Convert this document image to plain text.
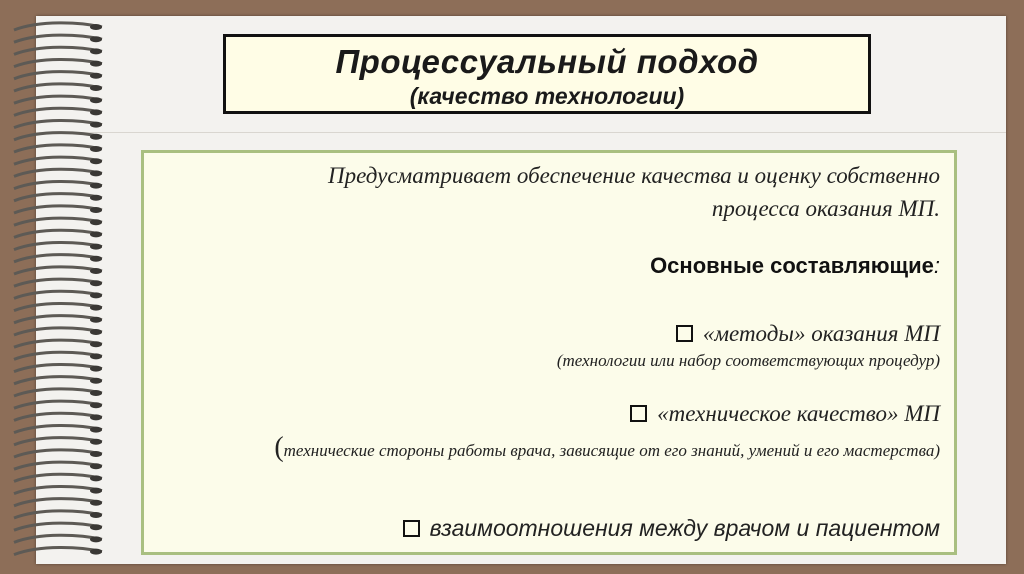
Процессуальный подход
(качество технологии)
Предусматривает обеспечение качества и оценку собственно процесса оказания МП.
Основные составляющие:
«методы» оказания МП
(технологии или набор соответствующих процедур)
«техническое качество» МП
(технические стороны работы врача, зависящие от его знаний, умений и его мастерства)
взаимоотношения между врачом и пациентом
